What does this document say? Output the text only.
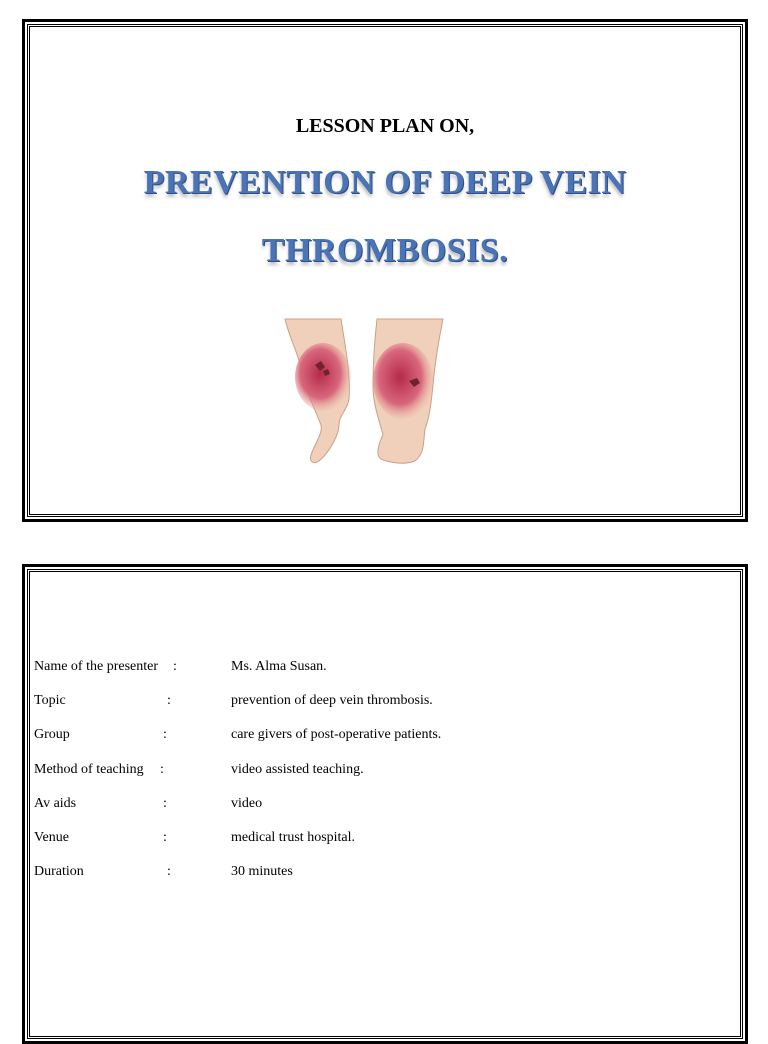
LESSON PLAN ON,
PREVENTION OF DEEP VEIN
THROMBOSIS.
Name of the presenter :	Ms. Alma Susan.
Topic	:	prevention of deep vein thrombosis.
Group	:	care givers of post-operative patients.
Method of teaching :	video assisted teaching.
Av aids	:	video
Venue	:	medical trust hospital.
Duration	:	30 minutes
